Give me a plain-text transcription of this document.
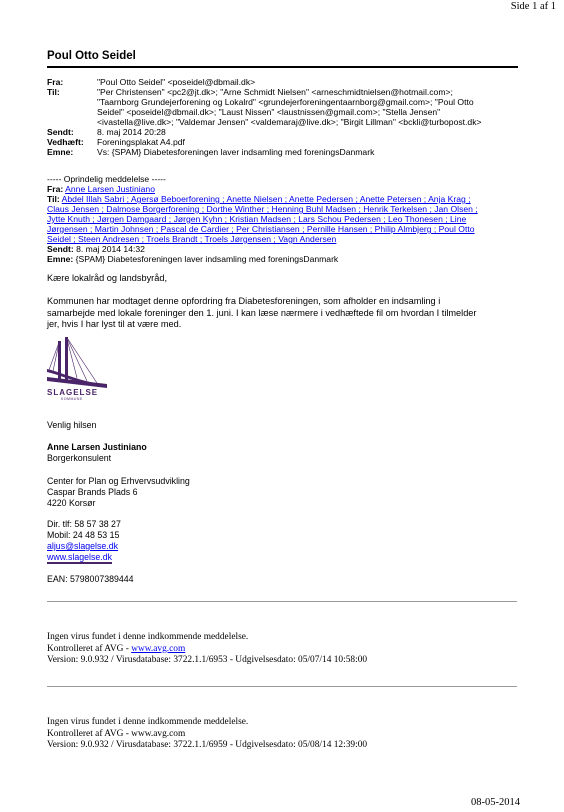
Side 1 af 1
Poul Otto Seidel
Fra:	"Poul Otto Seidel" <poseidel@dbmail.dk>
Til:	"Per Christensen" <pc2@jt.dk>; "Arne Schmidt Nielsen" <arneschmidtnielsen@hotmail.com>;
"Taarnborg Grundejerforening og Lokalrd" <grundejerforeningentaarnborg@gmail.com>; "Poul Otto
Seidel" <poseidel@dbmail.dk>; "Laust Nissen" <laustnissen@gmail.com>; "Stella Jensen"
<ivastella@live.dk>; "Valdemar Jensen" <valdemaraj@live.dk>; "Birgit Lillman" <bckli@turbopost.dk>
Sendt:	8. maj 2014 20:28
Vedhæft:	Foreningsplakat A4.pdf
Emne:	Vs: {SPAM} Diabetesforeningen laver indsamling med foreningsDanmark
----- Oprindelig meddelelse -----
Fra: Anne Larsen Justiniano
Til: Abdel Illah Sabri ; Agersø Beboerforening ; Anette Nielsen ; Anette Pedersen ; Anette Petersen ; Anja Krag ;
Claus Jensen ; Dalmose Borgerforening ; Dorthe Winther ; Henning Buhl Madsen ; Henrik Terkelsen ; Jan Olsen ;
Jytte Knuth ; Jørgen Damgaard ; Jørgen Kyhn ; Kristian Madsen ; Lars Schou Pedersen ; Leo Thonesen ; Line
Jørgensen ; Martin Johnsen ; Pascal de Cardier ; Per Christiansen ; Pernille Hansen ; Philip Almbjerg ; Poul Otto
Seidel ; Steen Andresen ; Troels Brandt ; Troels Jørgensen ; Vagn Andersen
Sendt: 8. maj 2014 14:32
Emne: {SPAM} Diabetesforeningen laver indsamling med foreningsDanmark
Kære lokalråd og landsbyråd,
Kommunen har modtaget denne opfordring fra Diabetesforeningen, som afholder en indsamling i
samarbejde med lokale foreninger den 1. juni. I kan læse nærmere i vedhæftede fil om hvordan I tilmelder
jer, hvis I har lyst til at være med.
SLAGELSE
KOMMUNE
Venlig hilsen
Anne Larsen Justiniano
Borgerkonsulent
Center for Plan og Erhvervsudvikling
Caspar Brands Plads 6
4220 Korsør
Dir. tlf: 58 57 38 27
Mobil: 24 48 53 15
aljus@slagelse.dk
www.slagelse.dk
EAN: 5798007389444
Ingen virus fundet i denne indkommende meddelelse.
Kontrolleret af AVG - www.avg.com
Version: 9.0.932 / Virusdatabase: 3722.1.1/6953 - Udgivelsesdato: 05/07/14 10:58:00
Ingen virus fundet i denne indkommende meddelelse.
Kontrolleret af AVG - www.avg.com
Version: 9.0.932 / Virusdatabase: 3722.1.1/6959 - Udgivelsesdato: 05/08/14 12:39:00
08-05-2014
